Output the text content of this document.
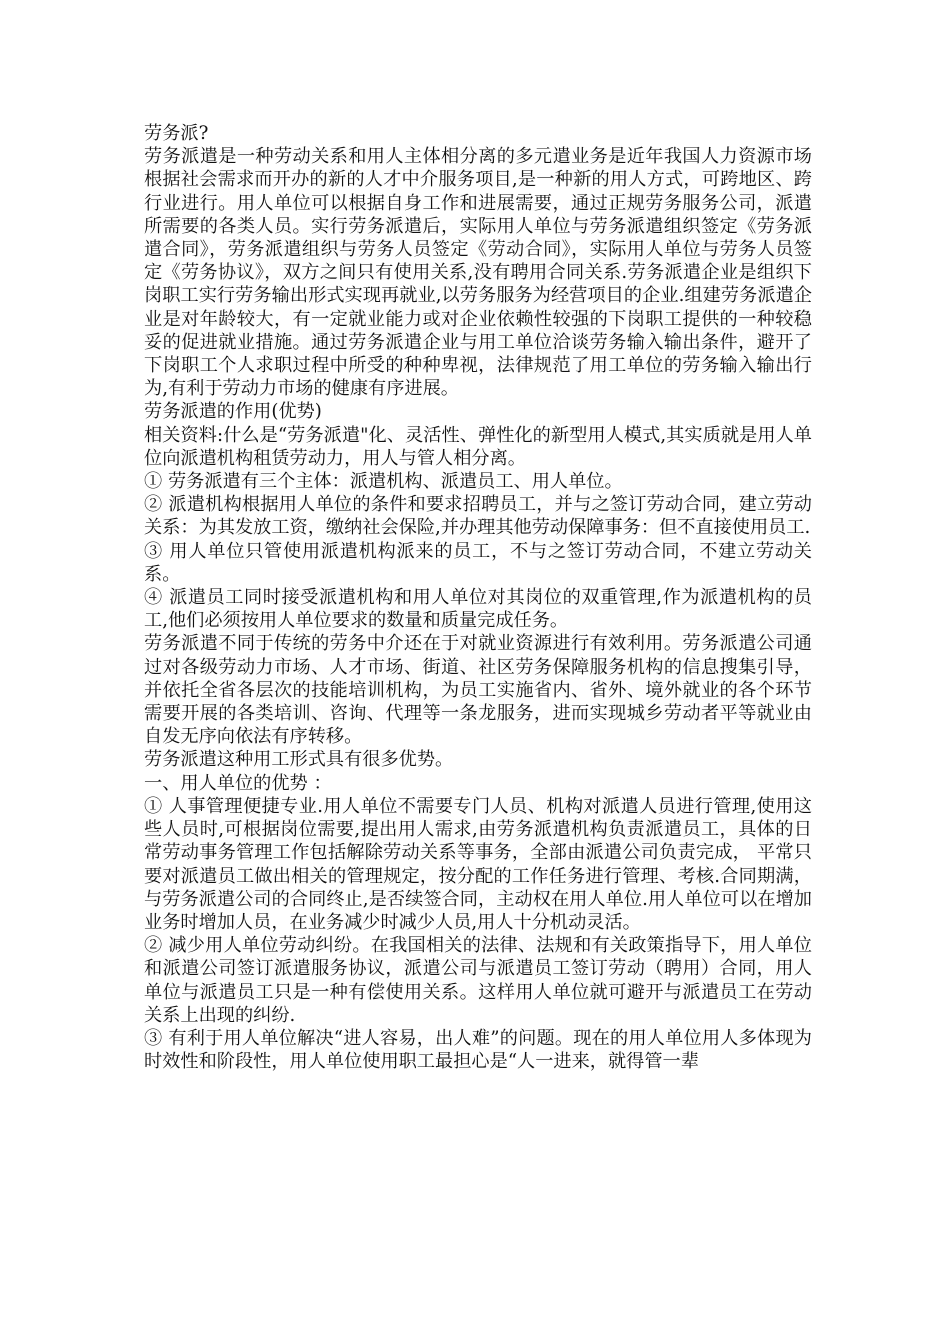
劳务派?

劳务派遣是一种劳动关系和用人主体相分离的多元遣业务是近年我国人力资源市场根据社会需求而开办的新的人才中介服务项目,是一种新的用人方式，可跨地区、跨行业进行。用人单位可以根据自身工作和进展需要，通过正规劳务服务公司，派遣所需要的各类人员。实行劳务派遣后，实际用人单位与劳务派遣组织签定《劳务派遣合同》，劳务派遣组织与劳务人员签定《劳动合同》，实际用人单位与劳务人员签定《劳务协议》，双方之间只有使用关系,没有聘用合同关系.劳务派遣企业是组织下岗职工实行劳务输出形式实现再就业,以劳务服务为经营项目的企业.组建劳务派遣企业是对年龄较大，有一定就业能力或对企业依赖性较强的下岗职工提供的一种较稳妥的促进就业措施。通过劳务派遣企业与用工单位洽谈劳务输入输出条件，避开了下岗职工个人求职过程中所受的种种卑视，法律规范了用工单位的劳务输入输出行为,有利于劳动力市场的健康有序进展。

劳务派遣的作用(优势)

相关资料:什么是“劳务派遣"化、灵活性、弹性化的新型用人模式,其实质就是用人单位向派遣机构租赁劳动力，用人与管人相分离。

① 劳务派遣有三个主体：派遣机构、派遣员工、用人单位。

② 派遣机构根据用人单位的条件和要求招聘员工，并与之签订劳动合同，建立劳动关系：为其发放工资，缴纳社会保险,并办理其他劳动保障事务：但不直接使用员工.

③ 用人单位只管使用派遣机构派来的员工，不与之签订劳动合同，不建立劳动关系。

④ 派遣员工同时接受派遣机构和用人单位对其岗位的双重管理,作为派遣机构的员工,他们必须按用人单位要求的数量和质量完成任务。

劳务派遣不同于传统的劳务中介还在于对就业资源进行有效利用。劳务派遣公司通过对各级劳动力市场、人才市场、街道、社区劳务保障服务机构的信息搜集引导，并依托全省各层次的技能培训机构，为员工实施省内、省外、境外就业的各个环节需要开展的各类培训、咨询、代理等一条龙服务，进而实现城乡劳动者平等就业由自发无序向依法有序转移。

劳务派遣这种用工形式具有很多优势。

一、用人单位的优势 ：

① 人事管理便捷专业.用人单位不需要专门人员、机构对派遣人员进行管理,使用这些人员时,可根据岗位需要,提出用人需求,由劳务派遣机构负责派遣员工，具体的日常劳动事务管理工作包括解除劳动关系等事务，全部由派遣公司负责完成， 平常只要对派遣员工做出相关的管理规定，按分配的工作任务进行管理、考核.合同期满，与劳务派遣公司的合同终止,是否续签合同，主动权在用人单位.用人单位可以在增加业务时增加人员，在业务减少时减少人员,用人十分机动灵活。

② 减少用人单位劳动纠纷。在我国相关的法律、法规和有关政策指导下，用人单位和派遣公司签订派遣服务协议，派遣公司与派遣员工签订劳动（聘用）合同，用人单位与派遣员工只是一种有偿使用关系。这样用人单位就可避开与派遣员工在劳动关系上出现的纠纷.

③ 有利于用人单位解决“进人容易，出人难”的问题。现在的用人单位用人多体现为时效性和阶段性，用人单位使用职工最担心是“人一进来，就得管一辈
